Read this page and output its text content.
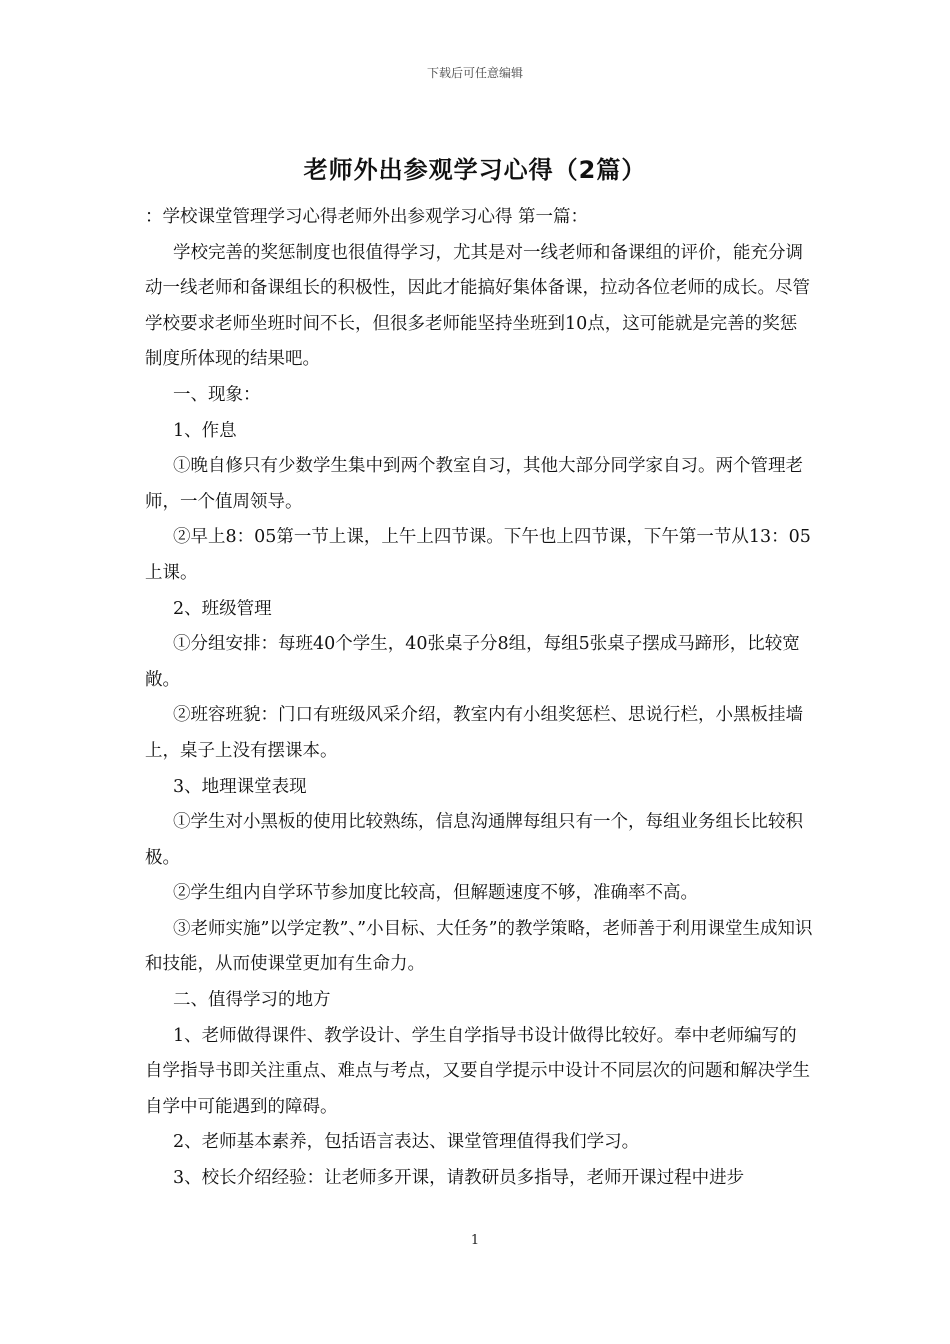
下载后可任意编辑
老师外出参观学习心得（2篇）

：学校课堂管理学习心得老师外出参观学习心得 第一篇：

学校完善的奖惩制度也很值得学习，尤其是对一线老师和备课组的评价，能充分调动一线老师和备课组长的积极性，因此才能搞好集体备课，拉动各位老师的成长。尽管学校要求老师坐班时间不长，但很多老师能坚持坐班到10点，这可能就是完善的奖惩制度所体现的结果吧。

一、现象：

1、作息

①晚自修只有少数学生集中到两个教室自习，其他大部分同学家自习。两个管理老师，一个值周领导。

②早上8：05第一节上课，上午上四节课。下午也上四节课，下午第一节从13：05上课。

2、班级管理

①分组安排：每班40个学生，40张桌子分8组，每组5张桌子摆成马蹄形，比较宽敞。

②班容班貌：门口有班级风采介绍，教室内有小组奖惩栏、思说行栏，小黑板挂墙上，桌子上没有摆课本。

3、地理课堂表现

①学生对小黑板的使用比较熟练，信息沟通牌每组只有一个，每组业务组长比较积极。

②学生组内自学环节参加度比较高，但解题速度不够，准确率不高。

③老师实施”以学定教”、”小目标、大任务”的教学策略，老师善于利用课堂生成知识和技能，从而使课堂更加有生命力。

二、值得学习的地方

1、老师做得课件、教学设计、学生自学指导书设计做得比较好。奉中老师编写的自学指导书即关注重点、难点与考点，又要自学提示中设计不同层次的问题和解决学生自学中可能遇到的障碍。

2、老师基本素养，包括语言表达、课堂管理值得我们学习。

3、校长介绍经验：让老师多开课，请教研员多指导，老师开课过程中进步

1
